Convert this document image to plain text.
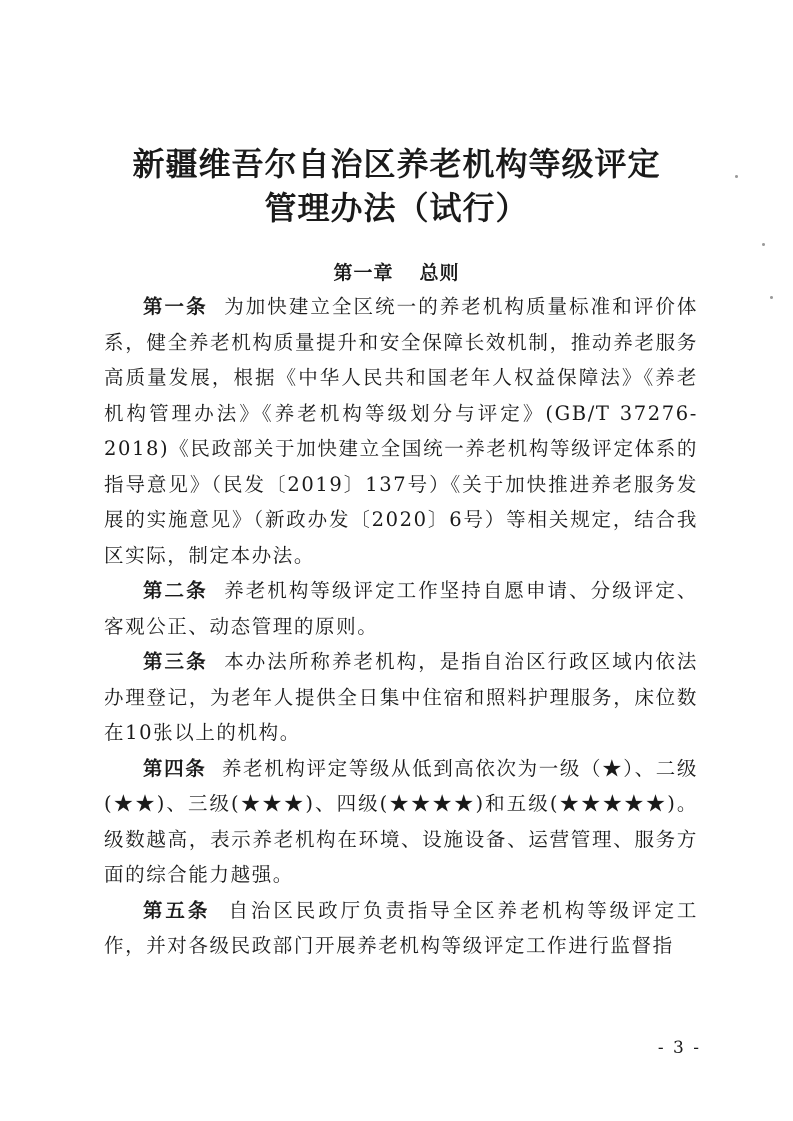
新疆维吾尔自治区养老机构等级评定
管理办法（试行）
第一章 总则

第一条 为加快建立全区统一的养老机构质量标准和评价体系，健全养老机构质量提升和安全保障长效机制，推动养老服务高质量发展，根据《中华人民共和国老年人权益保障法》《养老机构管理办法》《养老机构等级划分与评定》(GB/T 37276-2018)《民政部关于加快建立全国统一养老机构等级评定体系的指导意见》（民发〔2019〕137号）《关于加快推进养老服务发展的实施意见》（新政办发〔2020〕6号）等相关规定，结合我区实际，制定本办法。

第二条 养老机构等级评定工作坚持自愿申请、分级评定、客观公正、动态管理的原则。

第三条 本办法所称养老机构，是指自治区行政区域内依法办理登记，为老年人提供全日集中住宿和照料护理服务，床位数在10张以上的机构。

第四条 养老机构评定等级从低到高依次为一级（★）、二级(★★)、三级(★★★)、四级(★★★★)和五级(★★★★★)。级数越高，表示养老机构在环境、设施设备、运营管理、服务方面的综合能力越强。

第五条 自治区民政厅负责指导全区养老机构等级评定工作，并对各级民政部门开展养老机构等级评定工作进行监督指

- 3 -
